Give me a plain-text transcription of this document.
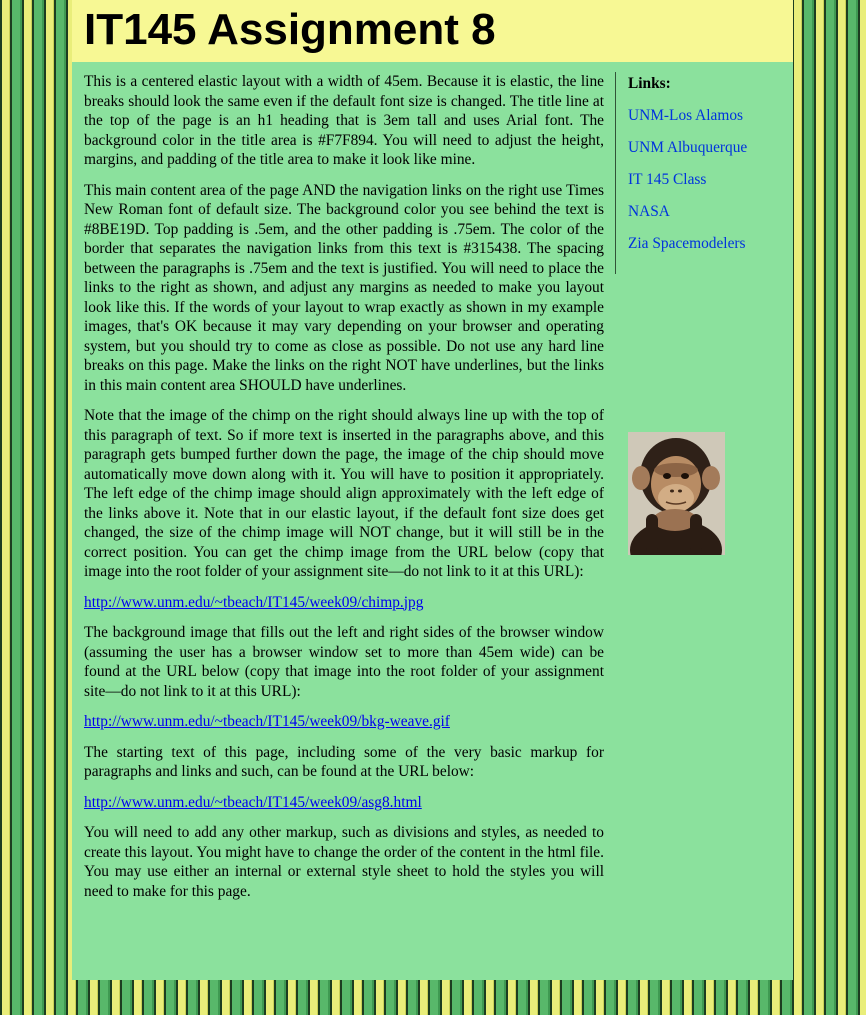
IT145 Assignment 8

This is a centered elastic layout with a width of 45em. Because it is elastic, the line breaks should look the same even if the default font size is changed. The title line at the top of the page is an h1 heading that is 3em tall and uses Arial font. The background color in the title area is #F7F894. You will need to adjust the height, margins, and padding of the title area to make it look like mine.

This main content area of the page AND the navigation links on the right use Times New Roman font of default size. The background color you see behind the text is #8BE19D. Top padding is .5em, and the other padding is .75em. The color of the border that separates the navigation links from this text is #315438. The spacing between the paragraphs is .75em and the text is justified. You will need to place the links to the right as shown, and adjust any margins as needed to make you layout look like this. If the words of your layout to wrap exactly as shown in my example images, that's OK because it may vary depending on your browser and operating system, but you should try to come as close as possible. Do not use any hard line breaks on this page. Make the links on the right NOT have underlines, but the links in this main content area SHOULD have underlines.

Note that the image of the chimp on the right should always line up with the top of this paragraph of text. So if more text is inserted in the paragraphs above, and this paragraph gets bumped further down the page, the image of the chip should move automatically move down along with it. You will have to position it appropriately. The left edge of the chimp image should align approximately with the left edge of the links above it. Note that in our elastic layout, if the default font size does get changed, the size of the chimp image will NOT change, but it will still be in the correct position. You can get the chimp image from the URL below (copy that image into the root folder of your assignment site—do not link to it at this URL):

http://www.unm.edu/~tbeach/IT145/week09/chimp.jpg

The background image that fills out the left and right sides of the browser window (assuming the user has a browser window set to more than 45em wide) can be found at the URL below (copy that image into the root folder of your assignment site—do not link to it at this URL):

http://www.unm.edu/~tbeach/IT145/week09/bkg-weave.gif

The starting text of this page, including some of the very basic markup for paragraphs and links and such, can be found at the URL below:

http://www.unm.edu/~tbeach/IT145/week09/asg8.html

You will need to add any other markup, such as divisions and styles, as needed to create this layout. You might have to change the order of the content in the html file. You may use either an internal or external style sheet to hold the styles you will need to make for this page.

Links:
UNM-Los Alamos
UNM Albuquerque
IT 145 Class
NASA
Zia Spacemodelers
